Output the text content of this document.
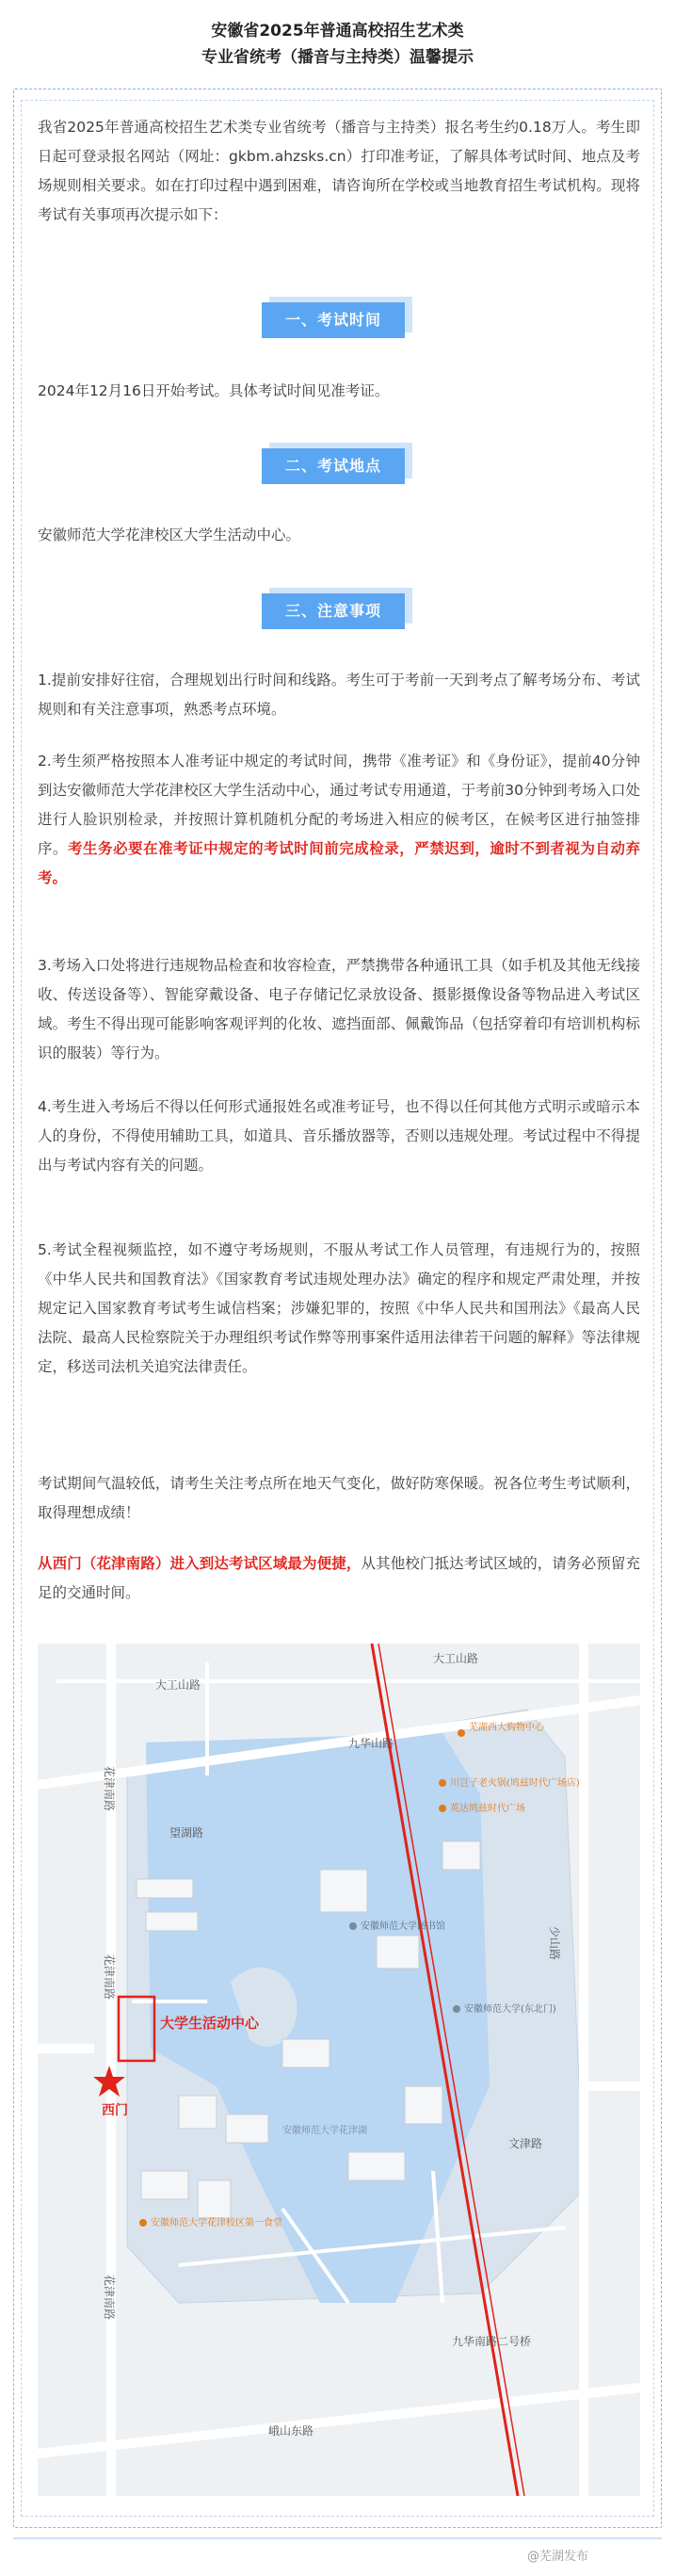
安徽省2025年普通高校招生艺术类
专业省统考（播音与主持类）温馨提示
我省2025年普通高校招生艺术类专业省统考（播音与主持类）报名考生约0.18万人。考生即日起可登录报名网站（网址：gkbm.ahzsks.cn）打印准考证，了解具体考试时间、地点及考场规则相关要求。如在打印过程中遇到困难，请咨询所在学校或当地教育招生考试机构。现将考试有关事项再次提示如下：
一、考试时间
2024年12月16日开始考试。具体考试时间见准考证。
二、考试地点
安徽师范大学花津校区大学生活动中心。
三、注意事项
1.提前安排好往宿，合理规划出行时间和线路。考生可于考前一天到考点了解考场分布、考试规则和有关注意事项，熟悉考点环境。
2.考生须严格按照本人准考证中规定的考试时间，携带《准考证》和《身份证》，提前40分钟到达安徽师范大学花津校区大学生活动中心，通过考试专用通道，于考前30分钟到考场入口处进行人脸识别检录，并按照计算机随机分配的考场进入相应的候考区，在候考区进行抽签排序。考生务必要在准考证中规定的考试时间前完成检录，严禁迟到，逾时不到者视为自动弃考。
3.考场入口处将进行违规物品检查和妆容检查，严禁携带各种通讯工具（如手机及其他无线接收、传送设备等）、智能穿戴设备、电子存储记忆录放设备、摄影摄像设备等物品进入考试区域。考生不得出现可能影响客观评判的化妆、遮挡面部、佩戴饰品（包括穿着印有培训机构标识的服装）等行为。
4.考生进入考场后不得以任何形式通报姓名或准考证号，也不得以任何其他方式明示或暗示本人的身份，不得使用辅助工具，如道具、音乐播放器等，否则以违规处理。考试过程中不得提出与考试内容有关的问题。
5.考试全程视频监控，如不遵守考场规则，不服从考试工作人员管理，有违规行为的，按照《中华人民共和国教育法》《国家教育考试违规处理办法》确定的程序和规定严肃处理，并按规定记入国家教育考试考生诚信档案；涉嫌犯罪的，按照《中华人民共和国刑法》《最高人民法院、最高人民检察院关于办理组织考试作弊等刑事案件适用法律若干问题的解释》等法律规定，移送司法机关追究法律责任。
考试期间气温较低，请考生关注考点所在地天气变化，做好防寒保暖。祝各位考生考试顺利，取得理想成绩！
从西门（花津南路）进入到达考试区域最为便捷，从其他校门抵达考试区域的，请务必预留充足的交通时间。
大工山路
大工山路
九华山路
望湖路
文津路
峨山东路
九华南路二号桥
安徽师范大学花津湖
花津南路
花津南路
花津南路
少山路
芜湖西大购物中心
川岂子老火锅(鸠兹时代广场店)
英达鸠兹时代广场
安徽师范大学花津校区第一食堂
安徽师范大学图书馆
安徽师范大学(东北门)
大学生活动中心
西门
@芜湖发布
